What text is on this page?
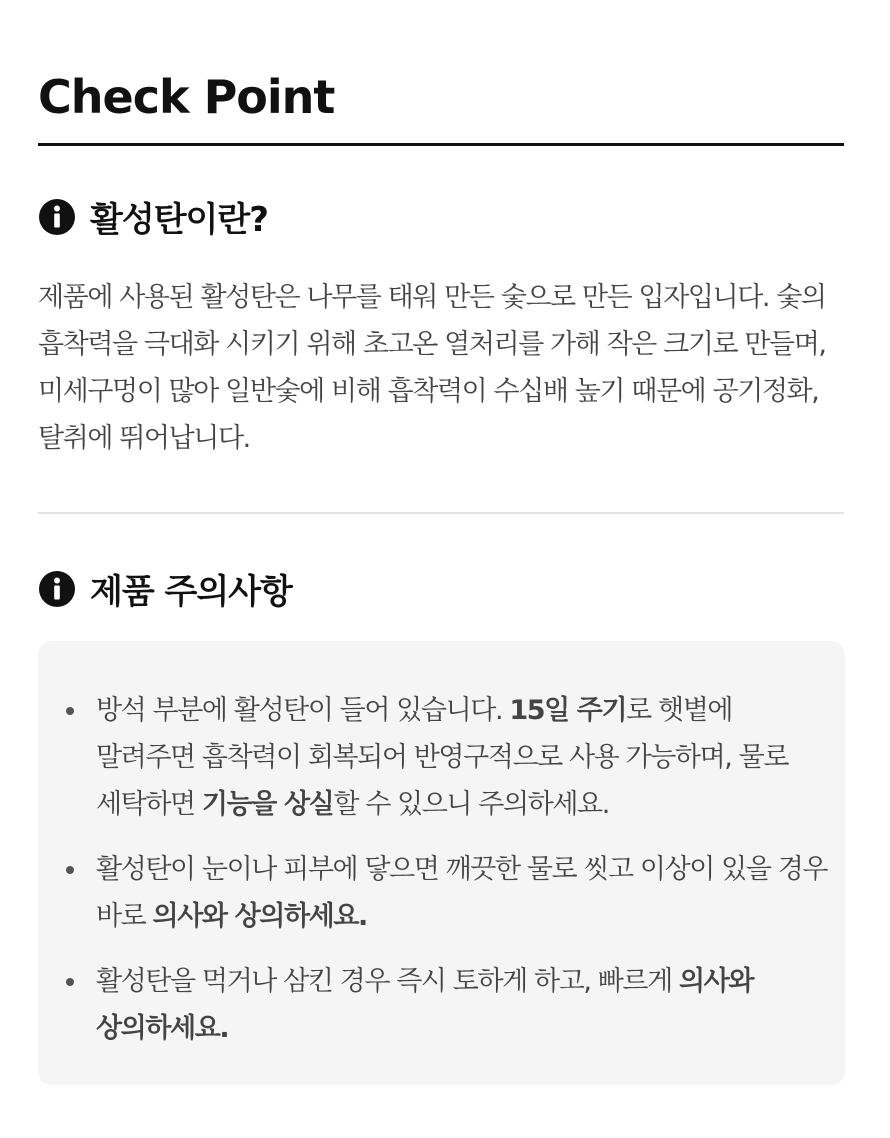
Check Point
활성탄이란?

제품에 사용된 활성탄은 나무를 태워 만든 숯으로 만든 입자입니다. 숯의 흡착력을 극대화 시키기 위해 초고온 열처리를 가해 작은 크기로 만들며, 미세구멍이 많아 일반숯에 비해 흡착력이 수십배 높기 때문에 공기정화, 탈취에 뛰어납니다.

제품 주의사항
방석 부분에 활성탄이 들어 있습니다. 15일 주기로 햇볕에 말려주면 흡착력이 회복되어 반영구적으로 사용 가능하며, 물로 세탁하면 기능을 상실할 수 있으니 주의하세요.
활성탄이 눈이나 피부에 닿으면 깨끗한 물로 씻고 이상이 있을 경우 바로 의사와 상의하세요.
활성탄을 먹거나 삼킨 경우 즉시 토하게 하고, 빠르게 의사와 상의하세요.
